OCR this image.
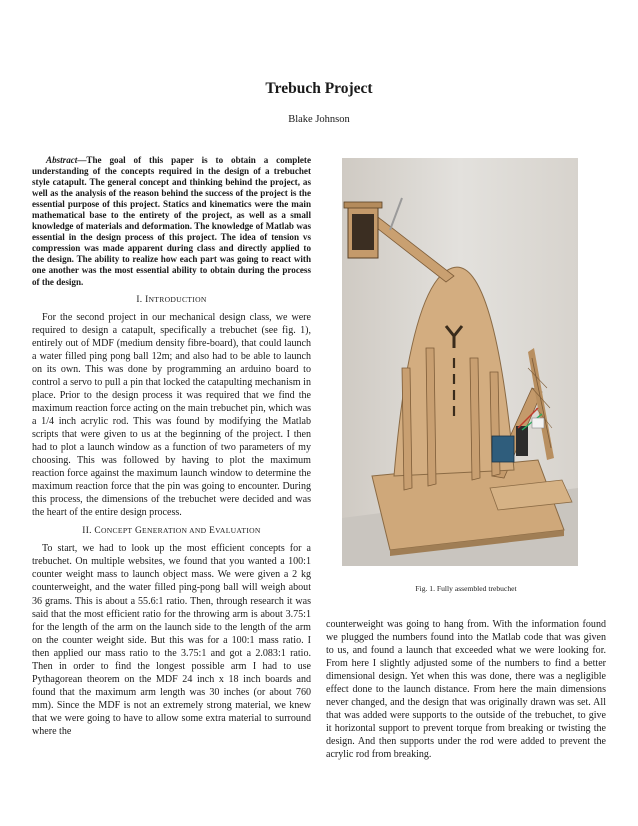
Trebuch Project
Blake Johnson

Abstract—The goal of this paper is to obtain a complete understanding of the concepts required in the design of a trebuchet style catapult. The general concept and thinking behind the project, as well as the analysis of the reason behind the success of the project is the essential purpose of this project. Statics and kinematics were the main mathematical base to the entirety of the project, as well as a small knowledge of materials and deformation. The knowledge of Matlab was essential in the design process of this project. The idea of tension vs compression was made apparent during class and directly applied to the design. The ability to realize how each part was going to react with one another was the most essential ability to obtain during the process of the design.

I. INTRODUCTION

For the second project in our mechanical design class, we were required to design a catapult, specifically a trebuchet (see fig. 1), entirely out of MDF (medium density fibre-board), that could launch a water filled ping pong ball 12m; and also had to be able to launch on its own. This was done by programming an arduino board to control a servo to pull a pin that locked the catapulting mechanism in place. Prior to the design process it was required that we find the maximum reaction force acting on the main trebuchet pin, which was a 1/4 inch acrylic rod. This was found by modifying the Matlab scripts that were given to us at the beginning of the project. I then had to plot a launch window as a function of two parameters of my choosing. This was followed by having to plot the maximum reaction force against the maximum launch window to determine the maximum reaction force that the pin was going to encounter. During this process, the dimensions of the trebuchet were decided and was the heart of the entire design process.

II. CONCEPT GENERATION AND EVALUATION

To start, we had to look up the most efficient concepts for a trebuchet. On multiple websites, we found that you wanted a 100:1 counter weight mass to launch object mass. We were given a 2 kg counterweight, and the water filled ping-pong ball will weigh about 36 grams. This is about a 55.6:1 ratio. Then, through research it was said that the most efficient ratio for the throwing arm is about 3.75:1 for the length of the arm on the launch side to the length of the arm on the counter weight side. But this was for a 100:1 mass ratio. I then applied our mass ratio to the 3.75:1 and got a 2.083:1 ratio. Then in order to find the longest possible arm I had to use Pythagorean theorem on the MDF 24 inch x 18 inch boards and found that the maximum arm length was 30 inches (or about 760 mm). Since the MDF is not an extremely strong material, we knew that we were going to have to allow some extra material to surround where the

Fig. 1. Fully assembled trebuchet

counterweight was going to hang from. With the information found we plugged the numbers found into the Matlab code that was given to us, and found a launch that exceeded what we were looking for. From here I slightly adjusted some of the numbers to find a better dimensional design. Yet when this was done, there was a negligible effect done to the launch distance. From here the main dimensions never changed, and the design that was originally drawn was set. All that was added were supports to the outside of the trebuchet, to give it horizontal support to prevent torque from breaking or twisting the design. And then supports under the rod were added to prevent the acrylic rod from breaking.
